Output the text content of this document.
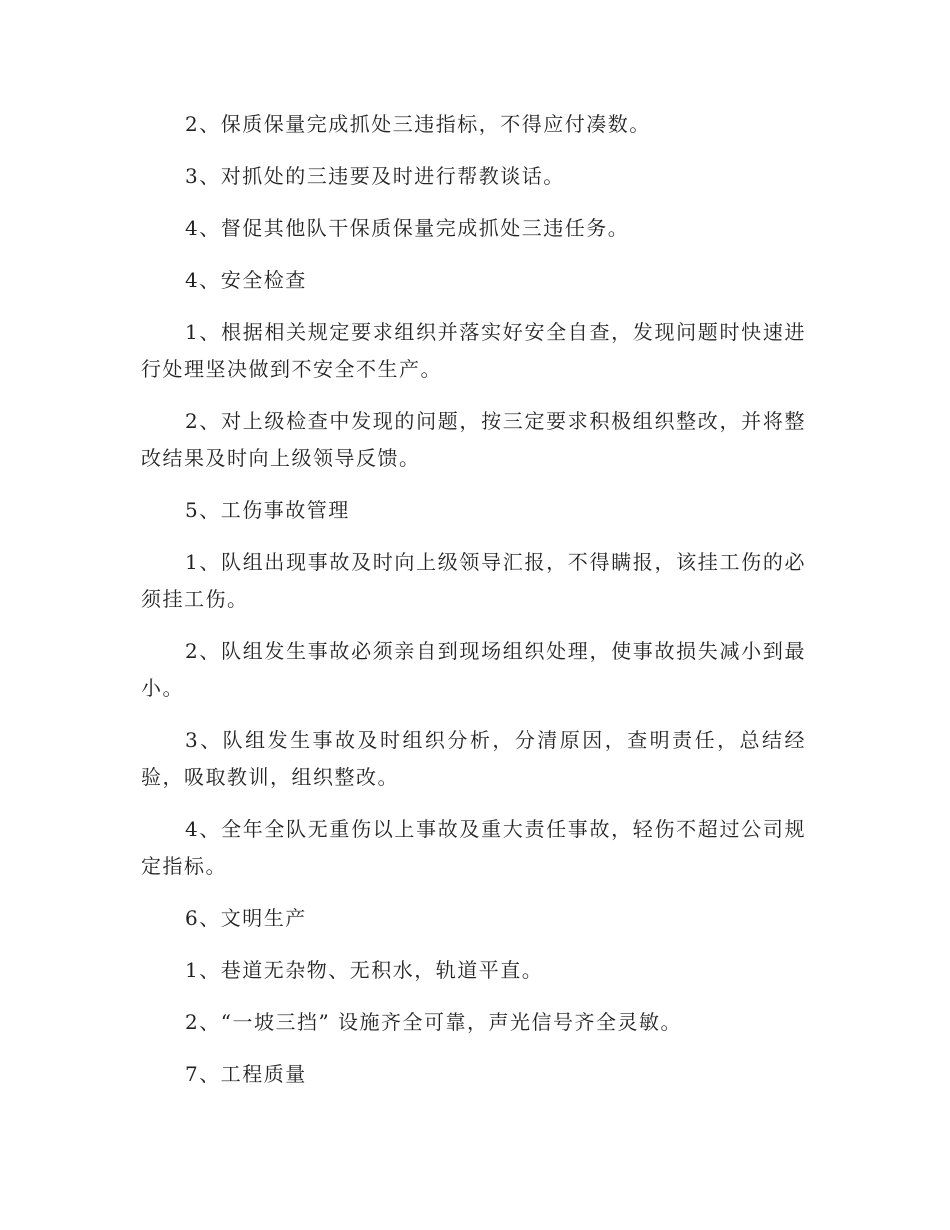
2、保质保量完成抓处三违指标，不得应付凑数。

3、对抓处的三违要及时进行帮教谈话。

4、督促其他队干保质保量完成抓处三违任务。

4、安全检查

1、根据相关规定要求组织并落实好安全自查，发现问题时快速进行处理坚决做到不安全不生产。

2、对上级检查中发现的问题，按三定要求积极组织整改，并将整改结果及时向上级领导反馈。

5、工伤事故管理

1、队组出现事故及时向上级领导汇报，不得瞒报，该挂工伤的必须挂工伤。

2、队组发生事故必须亲自到现场组织处理，使事故损失减小到最小。

3、队组发生事故及时组织分析，分清原因，查明责任，总结经验，吸取教训，组织整改。

4、全年全队无重伤以上事故及重大责任事故，轻伤不超过公司规定指标。

6、文明生产

1、巷道无杂物、无积水，轨道平直。

2、“一坡三挡” 设施齐全可靠，声光信号齐全灵敏。

7、工程质量
